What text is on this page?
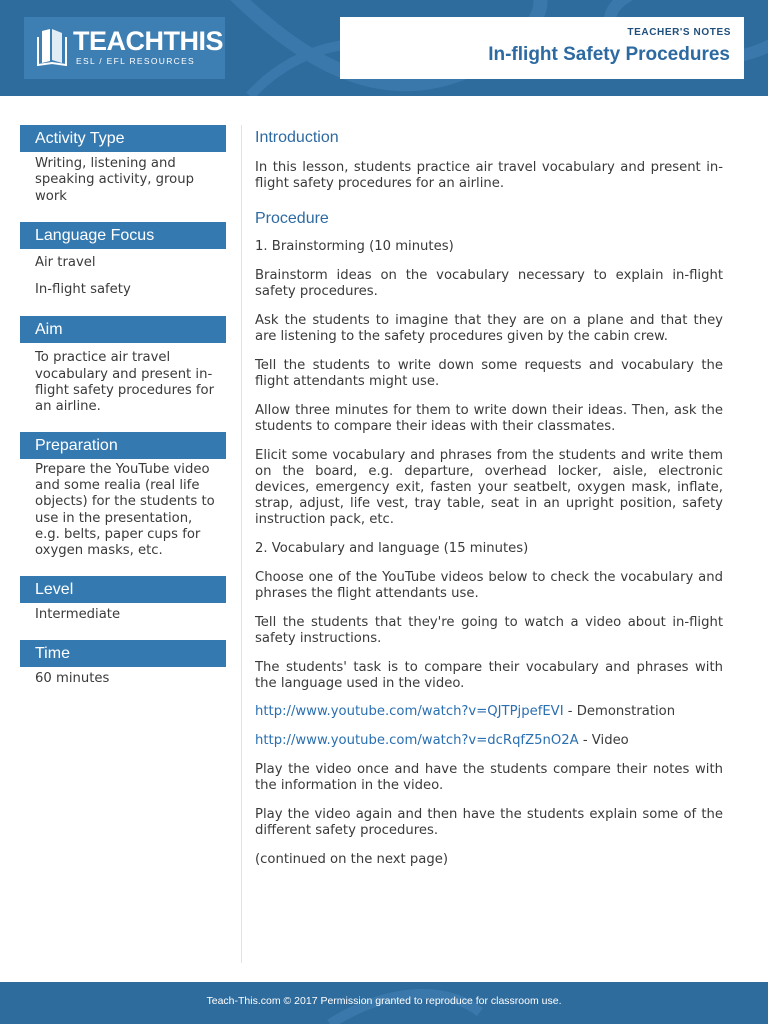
TEACHTHIS
ESL / EFL RESOURCES
TEACHER'S NOTES
In-flight Safety Procedures
Activity Type
Writing, listening and speaking activity, group work
Language Focus
Air travel
In-flight safety
Aim
To practice air travel vocabulary and present in-flight safety procedures for an airline.
Preparation
Prepare the YouTube video and some realia (real life objects) for the students to use in the presentation, e.g. belts, paper cups for oxygen masks, etc.
Level
Intermediate
Time
60 minutes
Introduction
In this lesson, students practice air travel vocabulary and present in-flight safety procedures for an airline.
Procedure
1. Brainstorming (10 minutes)
Brainstorm ideas on the vocabulary necessary to explain in-flight safety procedures.
Ask the students to imagine that they are on a plane and that they are listening to the safety procedures given by the cabin crew.
Tell the students to write down some requests and vocabulary the flight attendants might use.
Allow three minutes for them to write down their ideas. Then, ask the students to compare their ideas with their classmates.
Elicit some vocabulary and phrases from the students and write them on the board, e.g. departure, overhead locker, aisle, electronic devices, emergency exit, fasten your seatbelt, oxygen mask, inflate, strap, adjust, life vest, tray table, seat in an upright position, safety instruction pack, etc.
2. Vocabulary and language (15 minutes)
Choose one of the YouTube videos below to check the vocabulary and phrases the flight attendants use.
Tell the students that they're going to watch a video about in-flight safety instructions.
The students' task is to compare their vocabulary and phrases with the language used in the video.
http://www.youtube.com/watch?v=QJTPjpefEVI - Demonstration
http://www.youtube.com/watch?v=dcRqfZ5nO2A - Video
Play the video once and have the students compare their notes with the information in the video.
Play the video again and then have the students explain some of the different safety procedures.
(continued on the next page)
Teach-This.com © 2017 Permission granted to reproduce for classroom use.
